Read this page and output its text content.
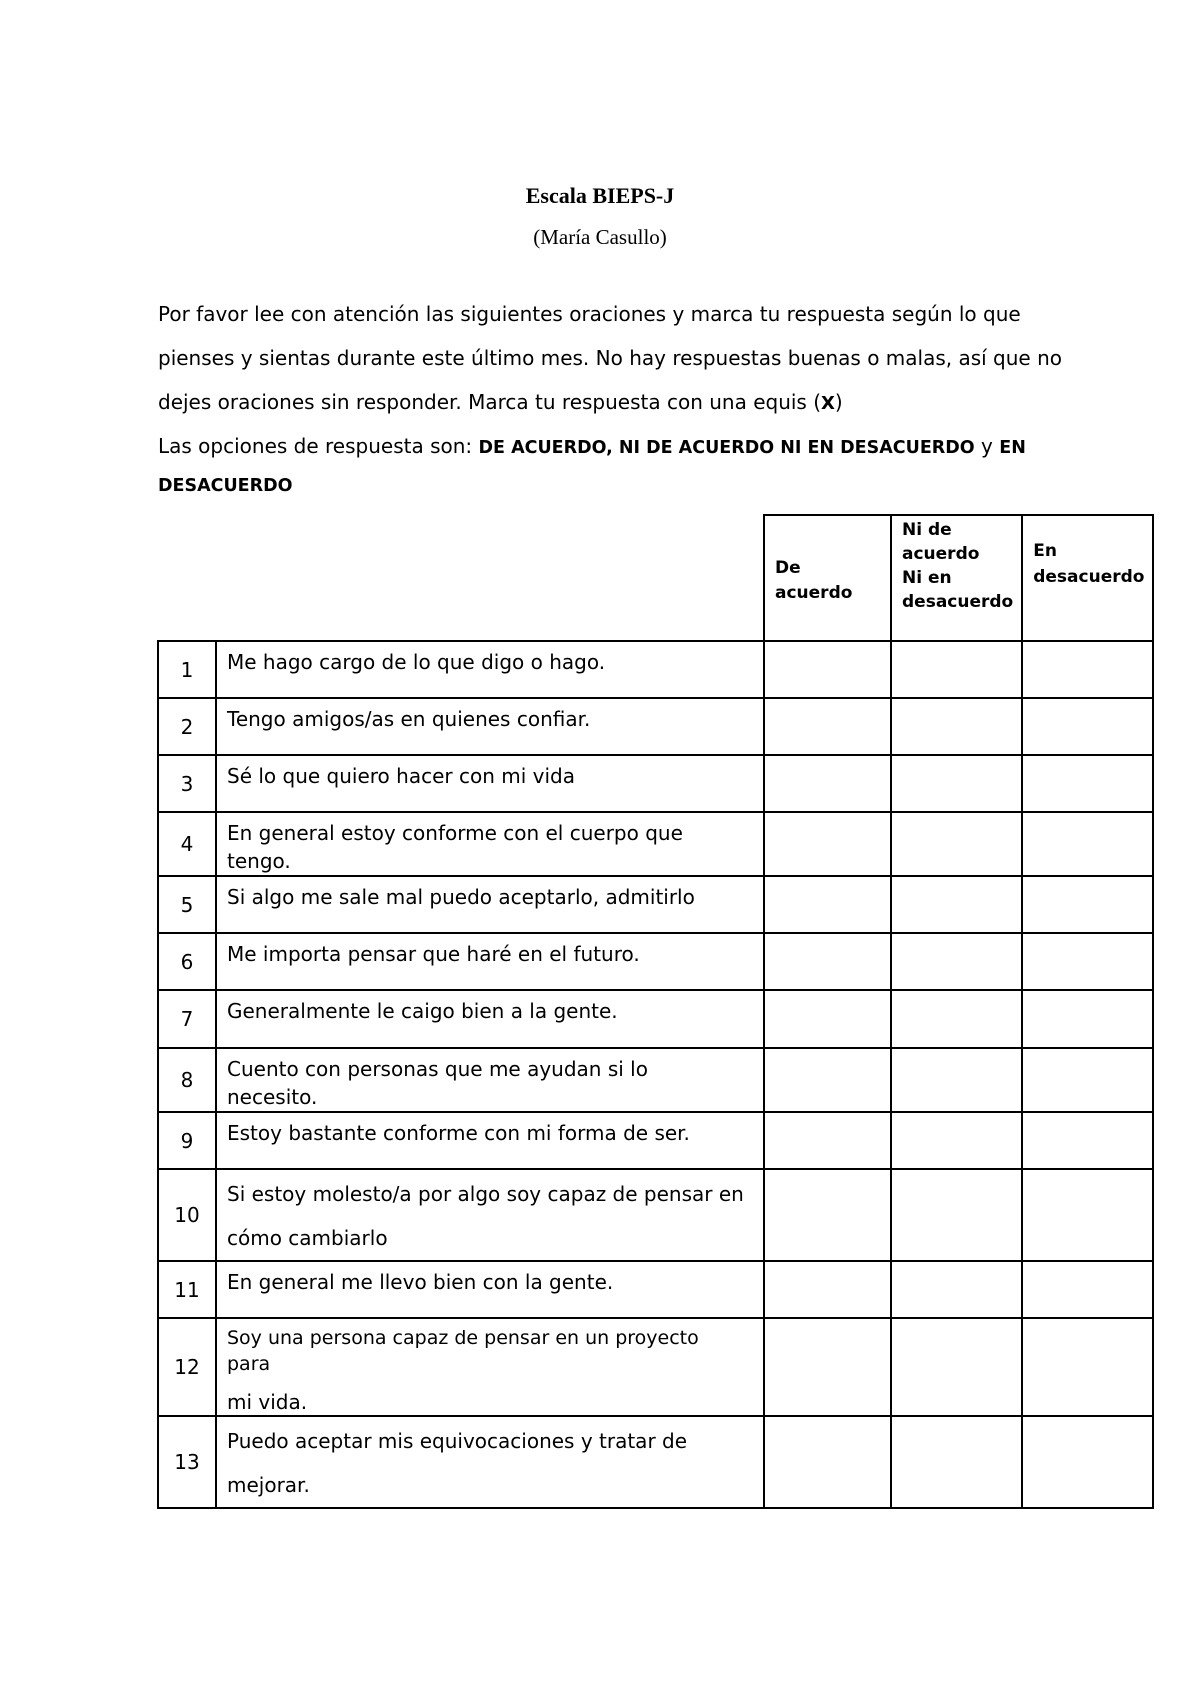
Escala BIEPS-J
(María Casullo)
Por favor lee con atención las siguientes oraciones y marca tu respuesta según lo que
pienses y sientas durante este último mes. No hay respuestas buenas o malas, así que no
dejes oraciones sin responder. Marca tu respuesta con una equis (X)
Las opciones de respuesta son: DE ACUERDO, NI DE ACUERDO NI EN DESACUERDO y EN
DESACUERDO
		De acuerdo	Ni de
acuerdo
Ni en
desacuerdo	En
desacuerdo

1	Me hago cargo de lo que digo o hago.			

2	Tengo amigos/as en quienes confiar.			

3	Sé lo que quiero hacer con mi vida			

4	En general estoy conforme con el cuerpo que
tengo.			

5	Si algo me sale mal puedo aceptarlo, admitirlo			

6	Me importa pensar que haré en el futuro.			

7	Generalmente le caigo bien a la gente.			

8	Cuento con personas que me ayudan si lo
necesito.			

9	Estoy bastante conforme con mi forma de ser.			

10	Si estoy molesto/a por algo soy capaz de pensar en
cómo cambiarlo			

11	En general me llevo bien con la gente.			

12	Soy una persona capaz de pensar en un proyecto
para
mi vida.			

13	Puedo aceptar mis equivocaciones y tratar de
mejorar.			
